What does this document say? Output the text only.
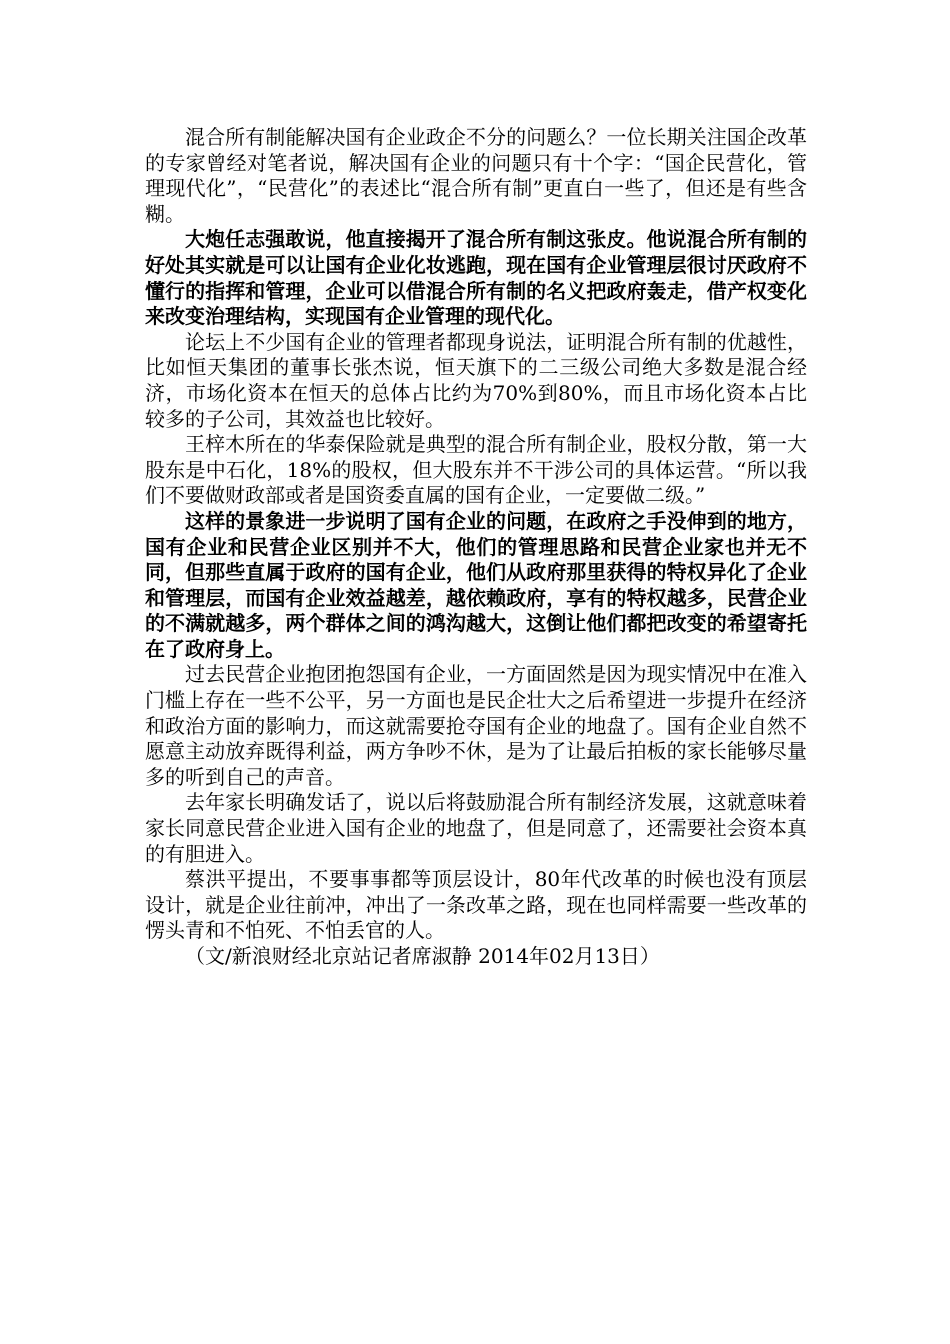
混合所有制能解决国有企业政企不分的问题么？一位长期关注国企改革的专家曾经对笔者说，解决国有企业的问题只有十个字：“国企民营化，管理现代化”，“民营化”的表述比“混合所有制”更直白一些了，但还是有些含糊。

大炮任志强敢说，他直接揭开了混合所有制这张皮。他说混合所有制的好处其实就是可以让国有企业化妆逃跑，现在国有企业管理层很讨厌政府不懂行的指挥和管理，企业可以借混合所有制的名义把政府轰走，借产权变化来改变治理结构，实现国有企业管理的现代化。

论坛上不少国有企业的管理者都现身说法，证明混合所有制的优越性，比如恒天集团的董事长张杰说，恒天旗下的二三级公司绝大多数是混合经济，市场化资本在恒天的总体占比约为70%到80%，而且市场化资本占比较多的子公司，其效益也比较好。

王梓木所在的华泰保险就是典型的混合所有制企业，股权分散，第一大股东是中石化，18%的股权，但大股东并不干涉公司的具体运营。“所以我们不要做财政部或者是国资委直属的国有企业，一定要做二级。”

这样的景象进一步说明了国有企业的问题，在政府之手没伸到的地方，国有企业和民营企业区别并不大，他们的管理思路和民营企业家也并无不同，但那些直属于政府的国有企业，他们从政府那里获得的特权异化了企业和管理层，而国有企业效益越差，越依赖政府，享有的特权越多，民营企业的不满就越多，两个群体之间的鸿沟越大，这倒让他们都把改变的希望寄托在了政府身上。

过去民营企业抱团抱怨国有企业，一方面固然是因为现实情况中在准入门槛上存在一些不公平，另一方面也是民企壮大之后希望进一步提升在经济和政治方面的影响力，而这就需要抢夺国有企业的地盘了。国有企业自然不愿意主动放弃既得利益，两方争吵不休，是为了让最后拍板的家长能够尽量多的听到自己的声音。

去年家长明确发话了，说以后将鼓励混合所有制经济发展，这就意味着家长同意民营企业进入国有企业的地盘了，但是同意了，还需要社会资本真的有胆进入。

蔡洪平提出，不要事事都等顶层设计，80年代改革的时候也没有顶层设计，就是企业往前冲，冲出了一条改革之路，现在也同样需要一些改革的愣头青和不怕死、不怕丢官的人。

（文/新浪财经北京站记者席淑静 2014年02月13日）
